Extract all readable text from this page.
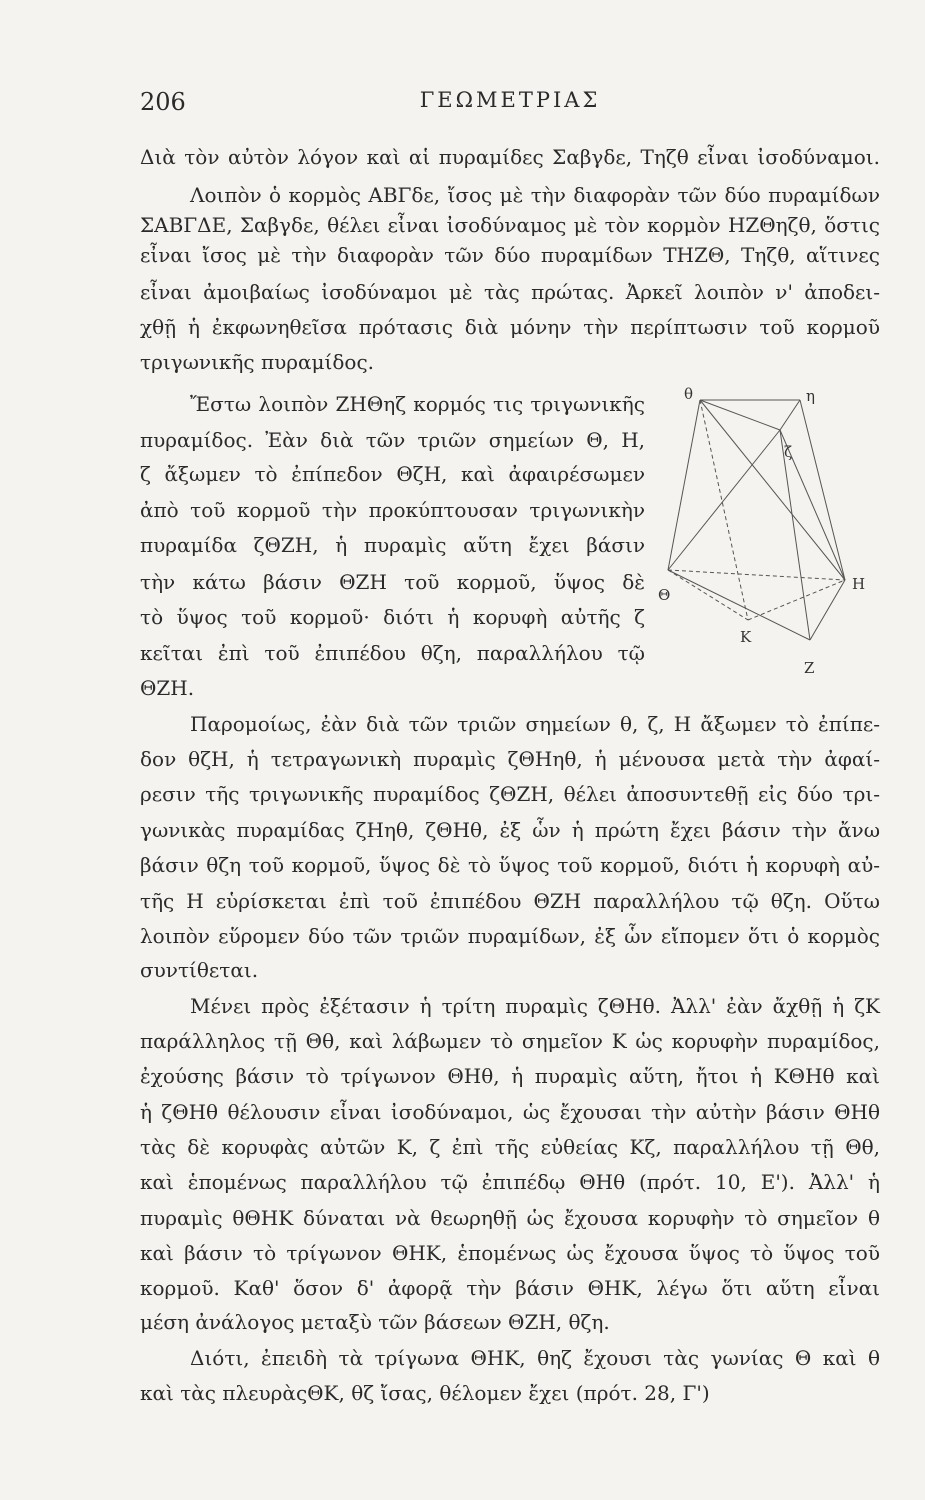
206	ΓΕΩΜΕΤΡΙΑΣ
Διὰ τὸν αὐτὸν λόγον καὶ αἱ πυραμίδες Σαβγδε, Τηζθ εἶναι ἰσοδύναμοι.
Λοιπὸν ὁ κορμὸς ΑΒΓδε, ἴσος μὲ τὴν διαφορὰν τῶν δύο πυραμίδων
ΣΑΒΓΔΕ, Σαβγδε, θέλει εἶναι ἰσοδύναμος μὲ τὸν κορμὸν ΗΖΘηζθ, ὅστις
εἶναι ἴσος μὲ τὴν διαφορὰν τῶν δύο πυραμίδων ΤΗΖΘ, Τηζθ, αἵτινες
εἶναι ἀμοιβαίως ἰσοδύναμοι μὲ τὰς πρώτας. Ἀρκεῖ λοιπὸν ν' ἀποδει-
χθῇ ἡ ἐκφωνηθεῖσα πρότασις διὰ μόνην τὴν περίπτωσιν τοῦ κορμοῦ
τριγωνικῆς πυραμίδος.
Ἔστω λοιπὸν ΖΗΘηζ κορμός τις τριγωνικῆς
πυραμίδος. Ἐὰν διὰ τῶν τριῶν σημείων Θ, Η,
ζ ἄξωμεν τὸ ἐπίπεδον ΘζΗ, καὶ ἀφαιρέσωμεν
ἀπὸ τοῦ κορμοῦ τὴν προκύπτουσαν τριγωνικὴν
πυραμίδα ζΘΖΗ, ἡ πυραμὶς αὕτη ἔχει βάσιν
τὴν κάτω βάσιν ΘΖΗ τοῦ κορμοῦ, ὕψος δὲ
τὸ ὕψος τοῦ κορμοῦ· διότι ἡ κορυφὴ αὐτῆς ζ
κεῖται ἐπὶ τοῦ ἐπιπέδου θζη, παραλλήλου τῷ
ΘΖΗ.
θ	η
ζ
Θ
Η
Κ
Ζ
Παρομοίως, ἐὰν διὰ τῶν τριῶν σημείων θ, ζ, Η ἄξωμεν τὸ ἐπίπε-
δον θζΗ, ἡ τετραγωνικὴ πυραμὶς ζΘΗηθ, ἡ μένουσα μετὰ τὴν ἀφαί-
ρεσιν τῆς τριγωνικῆς πυραμίδος ζΘΖΗ, θέλει ἀποσυντεθῇ εἰς δύο τρι-
γωνικὰς πυραμίδας ζΗηθ, ζΘΗθ, ἐξ ὧν ἡ πρώτη ἔχει βάσιν τὴν ἄνω
βάσιν θζη τοῦ κορμοῦ, ὕψος δὲ τὸ ὕψος τοῦ κορμοῦ, διότι ἡ κορυφὴ αὐ-
τῆς Η εὑρίσκεται ἐπὶ τοῦ ἐπιπέδου ΘΖΗ παραλλήλου τῷ θζη. Οὕτω
λοιπὸν εὕρομεν δύο τῶν τριῶν πυραμίδων, ἐξ ὧν εἴπομεν ὅτι ὁ κορμὸς
συντίθεται.
Μένει πρὸς ἐξέτασιν ἡ τρίτη πυραμὶς ζΘΗθ. Ἀλλ' ἐὰν ἄχθῇ ἡ ζΚ
παράλληλος τῇ Θθ, καὶ λάβωμεν τὸ σημεῖον Κ ὡς κορυφὴν πυραμίδος,
ἐχούσης βάσιν τὸ τρίγωνον ΘΗθ, ἡ πυραμὶς αὕτη, ἤτοι ἡ ΚΘΗθ καὶ
ἡ ζΘΗθ θέλουσιν εἶναι ἰσοδύναμοι, ὡς ἔχουσαι τὴν αὐτὴν βάσιν ΘΗθ
τὰς δὲ κορυφὰς αὐτῶν Κ, ζ ἐπὶ τῆς εὐθείας Κζ, παραλλήλου τῇ Θθ,
καὶ ἑπομένως παραλλήλου τῷ ἐπιπέδῳ ΘΗθ (πρότ. 10, Ε'). Ἀλλ' ἡ
πυραμὶς θΘΗΚ δύναται νὰ θεωρηθῇ ὡς ἔχουσα κορυφὴν τὸ σημεῖον θ
καὶ βάσιν τὸ τρίγωνον ΘΗΚ, ἑπομένως ὡς ἔχουσα ὕψος τὸ ὕψος τοῦ
κορμοῦ. Καθ' ὅσον δ' ἀφορᾷ τὴν βάσιν ΘΗΚ, λέγω ὅτι αὕτη εἶναι
μέση ἀνάλογος μεταξὺ τῶν βάσεων ΘΖΗ, θζη.
Διότι, ἐπειδὴ τὰ τρίγωνα ΘΗΚ, θηζ ἔχουσι τὰς γωνίας Θ καὶ θ
καὶ τὰς πλευρὰςΘΚ, θζ ἴσας, θέλομεν ἔχει (πρότ. 28, Γ')
